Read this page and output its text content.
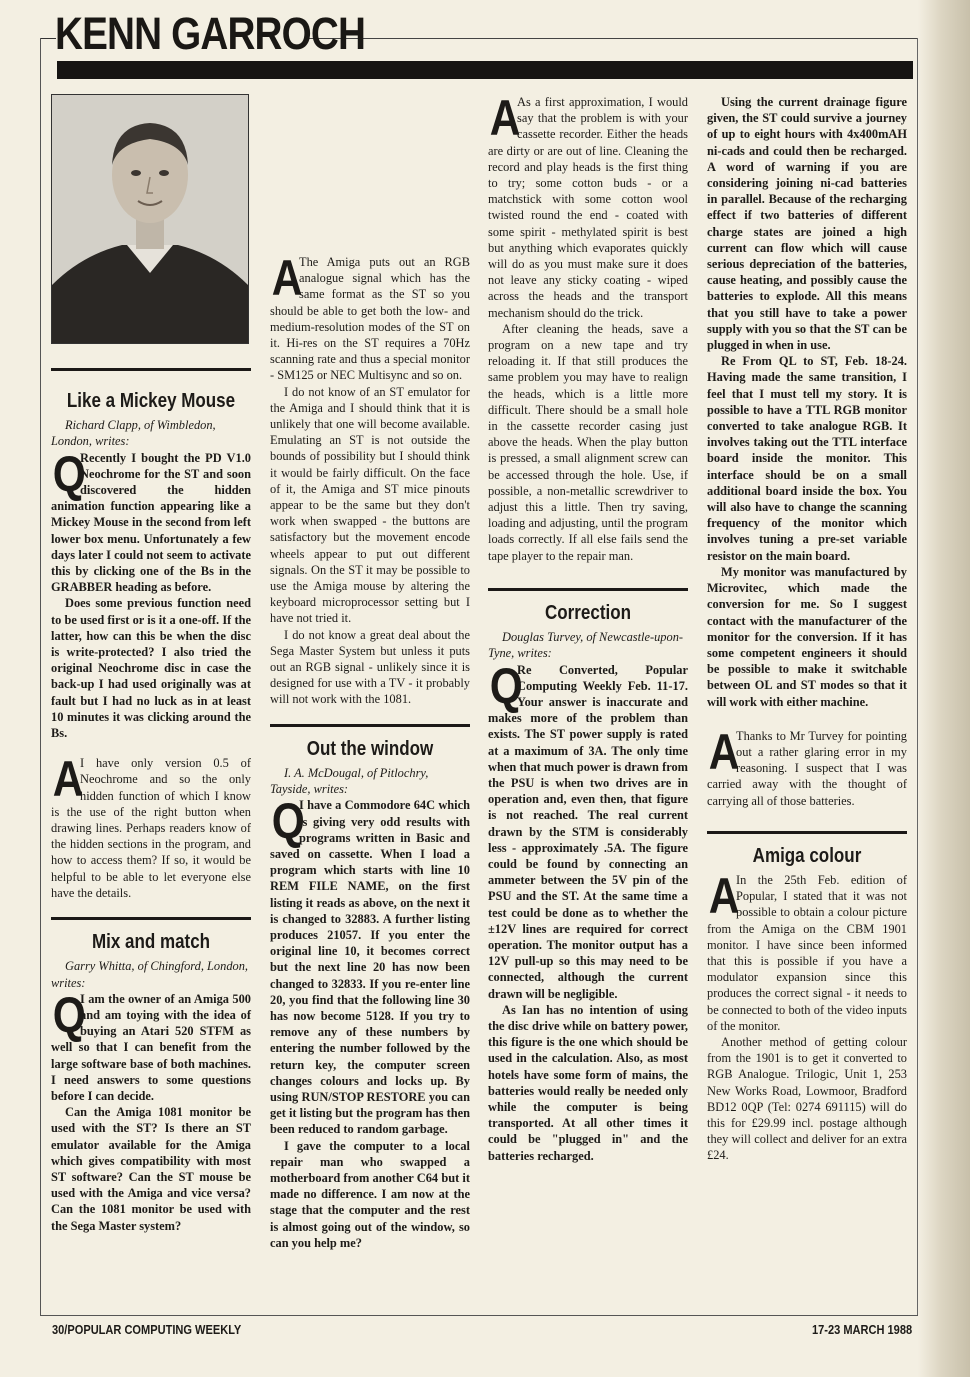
KENN GARROCH
Like a Mickey Mouse

Richard Clapp, of Wimbledon, London, writes:

Q

Recently I bought the PD V1.0 Neochrome for the ST and soon discovered the hidden animation function appearing like a Mickey Mouse in the second from left lower box menu. Unfortunately a few days later I could not seem to activate this by clicking one of the Bs in the GRABBER heading as before.

Does some previous function need to be used first or is it a one-off. If the latter, how can this be when the disc is write-protected? I also tried the original Neochrome disc in case the back-up I had used originally was at fault but I had no luck as in at least 10 minutes it was clicking around the Bs.

A

I have only version 0.5 of Neochrome and so the only hidden function of which I know is the use of the right button when drawing lines. Perhaps readers know of the hidden sections in the program, and how to access them? If so, it would be helpful to be able to let everyone else have the details.

Mix and match

Garry Whitta, of Chingford, London, writes:

Q

I am the owner of an Amiga 500 and am toying with the idea of buying an Atari 520 STFM as well so that I can benefit from the large software base of both machines. I need answers to some questions before I can decide.

Can the Amiga 1081 monitor be used with the ST? Is there an ST emulator available for the Amiga which gives compatibility with most ST software? Can the ST mouse be used with the Amiga and vice versa? Can the 1081 monitor be used with the Sega Master system?

A

The Amiga puts out an RGB analogue signal which has the same format as the ST so you should be able to get both the low- and medium-resolution modes of the ST on it. Hi-res on the ST requires a 70Hz scanning rate and thus a special monitor - SM125 or NEC Multisync and so on.

I do not know of an ST emulator for the Amiga and I should think that it is unlikely that one will become available. Emulating an ST is not outside the bounds of possibility but I should think it would be fairly difficult. On the face of it, the Amiga and ST mice pinouts appear to be the same but they don't work when swapped - the buttons are satisfactory but the movement encode wheels appear to put out different signals. On the ST it may be possible to use the Amiga mouse by altering the keyboard microprocessor setting but I have not tried it.

I do not know a great deal about the Sega Master System but unless it puts out an RGB signal - unlikely since it is designed for use with a TV - it probably will not work with the 1081.

Out the window

I. A. McDougal, of Pitlochry, Tayside, writes:

Q

I have a Commodore 64C which is giving very odd results with programs written in Basic and saved on cassette. When I load a program which starts with line 10 REM FILE NAME, on the first listing it reads as above, on the next it is changed to 32883. A further listing produces 21057. If you enter the original line 10, it becomes correct but the next line 20 has now been changed to 32833. If you re-enter line 20, you find that the following line 30 has now become 5128. If you try to remove any of these numbers by entering the number followed by the return key, the computer screen changes colours and locks up. By using RUN/STOP RESTORE you can get it listing but the program has then been reduced to random garbage.

I gave the computer to a local repair man who swapped a motherboard from another C64 but it made no difference. I am now at the stage that the computer and the rest is almost going out of the window, so can you help me?

A

As a first approximation, I would say that the problem is with your cassette recorder. Either the heads are dirty or are out of line. Cleaning the record and play heads is the first thing to try; some cotton buds - or a matchstick with some cotton wool twisted round the end - coated with some spirit - methylated spirit is best but anything which evaporates quickly will do as you must make sure it does not leave any sticky coating - wiped across the heads and the transport mechanism should do the trick.

After cleaning the heads, save a program on a new tape and try reloading it. If that still produces the same problem you may have to realign the heads, which is a little more difficult. There should be a small hole in the cassette recorder casing just above the heads. When the play button is pressed, a small alignment screw can be accessed through the hole. Use, if possible, a non-metallic screwdriver to adjust this a little. Then try saving, loading and adjusting, until the program loads correctly. If all else fails send the tape player to the repair man.

Correction

Douglas Turvey, of Newcastle-upon-Tyne, writes:

Q

Re Converted, Popular Computing Weekly Feb. 11-17. Your answer is inaccurate and makes more of the problem than exists. The ST power supply is rated at a maximum of 3A. The only time when that much power is drawn from the PSU is when two drives are in operation and, even then, that figure is not reached. The real current drawn by the STM is considerably less - approximately .5A. The figure could be found by connecting an ammeter between the 5V pin of the PSU and the ST. At the same time a test could be done as to whether the ±12V lines are required for correct operation. The monitor output has a 12V pull-up so this may need to be connected, although the current drawn will be negligible.

As Ian has no intention of using the disc drive while on battery power, this figure is the one which should be used in the calculation. Also, as most hotels have some form of mains, the batteries would really be needed only while the computer is being transported. At all other times it could be "plugged in" and the batteries recharged.

Using the current drainage figure given, the ST could survive a journey of up to eight hours with 4x400mAH ni-cads and could then be recharged. A word of warning if you are considering joining ni-cad batteries in parallel. Because of the recharging effect if two batteries of different charge states are joined a high current can flow which will cause serious depreciation of the batteries, cause heating, and possibly cause the batteries to explode. All this means that you still have to take a power supply with you so that the ST can be plugged in when in use.

Re From QL to ST, Feb. 18-24. Having made the same transition, I feel that I must tell my story. It is possible to have a TTL RGB monitor converted to take analogue RGB. It involves taking out the TTL interface board inside the monitor. This interface should be on a small additional board inside the box. You will also have to change the scanning frequency of the monitor which involves tuning a pre-set variable resistor on the main board.

My monitor was manufactured by Microvitec, which made the conversion for me. So I suggest contact with the manufacturer of the monitor for the conversion. If it has some competent engineers it should be possible to make it switchable between OL and ST modes so that it will work with either machine.

A

Thanks to Mr Turvey for pointing out a rather glaring error in my reasoning. I suspect that I was carried away with the thought of carrying all of those batteries.

Amiga colour
A

In the 25th Feb. edition of Popular, I stated that it was not possible to obtain a colour picture from the Amiga on the CBM 1901 monitor. I have since been informed that this is possible if you have a modulator expansion since this produces the correct signal - it needs to be connected to both of the video inputs of the monitor.

Another method of getting colour from the 1901 is to get it converted to RGB Analogue. Trilogic, Unit 1, 253 New Works Road, Lowmoor, Bradford BD12 0QP (Tel: 0274 691115) will do this for £29.99 incl. postage although they will collect and deliver for an extra £24.

30/POPULAR COMPUTING WEEKLY	17-23 MARCH 1988
